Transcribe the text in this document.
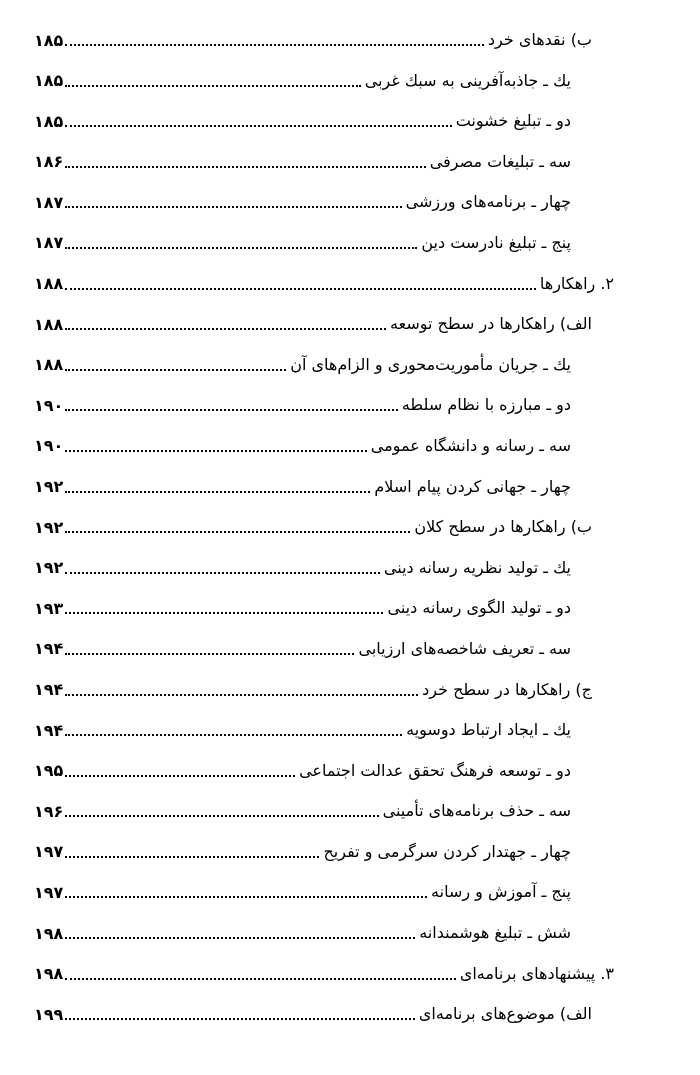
ب) نقدهای خرد
۱۸۵
يك ـ جاذبه‌آفرینی به سبك غربی
۱۸۵
دو ـ تبلیغ خشونت
۱۸۵
سه ـ تبلیغات مصرفی
۱۸۶
چهار ـ برنامه‌های ورزشی
۱۸۷
پنج ـ تبلیغ نادرست دین
۱۸۷
۲. راهکارها
۱۸۸
الف) راهکارها در سطح توسعه
۱۸۸
يك ـ جریان مأموریت‌محوری و الزام‌های آن
۱۸۸
دو ـ مبارزه با نظام سلطه
۱۹۰
سه ـ رسانه و دانشگاه عمومی
۱۹۰
چهار ـ جهانی کردن پیام اسلام
۱۹۲
ب) راهکارها در سطح کلان
۱۹۲
يك ـ تولید نظریه رسانه دینی
۱۹۲
دو ـ تولید الگوی رسانه دینی
۱۹۳
سه ـ تعریف شاخصه‌های ارزیابی
۱۹۴
ج) راهکارها در سطح خرد
۱۹۴
يك ـ ایجاد ارتباط دوسویه
۱۹۴
دو ـ توسعه فرهنگ تحقق عدالت اجتماعی
۱۹۵
سه ـ حذف برنامه‌های تأمینی
۱۹۶
چهار ـ جهتدار کردن سرگرمی و تفریح
۱۹۷
پنج ـ آموزش و رسانه
۱۹۷
شش ـ تبلیغ هوشمندانه
۱۹۸
۳. پیشنهادهای برنامه‌ای
۱۹۸
الف) موضوع‌های برنامه‌ای
۱۹۹
